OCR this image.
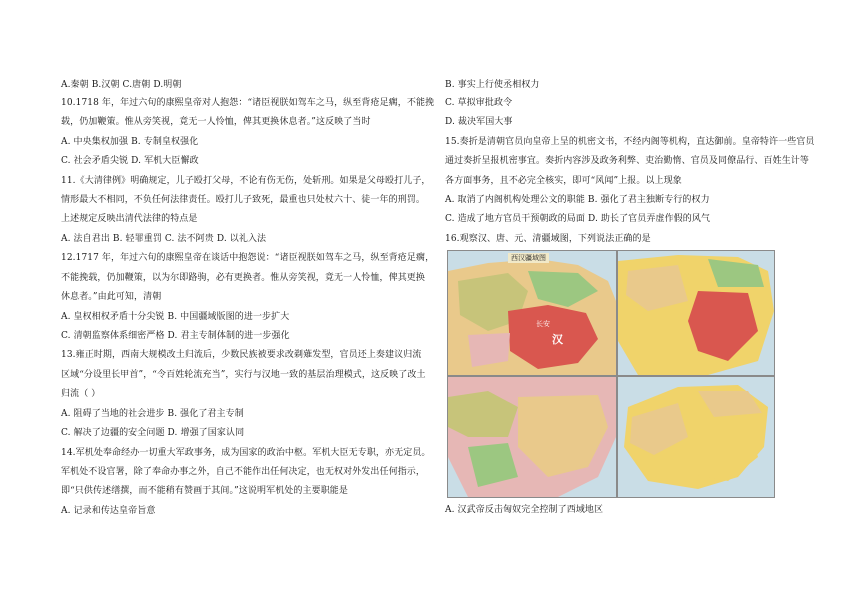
A.秦朝 B.汉朝 C.唐朝 D.明朝
10.1718 年，年过六旬的康熙皇帝对人抱怨：“诸臣视朕如驾车之马，纵至背疮足瘸，不能挽
载，仍加鞭策。惟从旁笑视，竟无一人怜恤，俾其更换休息者。”这反映了当时
A. 中央集权加强 B. 专制皇权强化
C. 社会矛盾尖锐 D. 军机大臣懈政
11.《大清律例》明确规定，儿子殴打父母，不论有伤无伤，处斩刑。如果是父母殴打儿子，
情形最大不相同，不负任何法律责任。殴打儿子致死，最重也只处杖六十、徒一年的刑罚。
上述规定反映出清代法律的特点是
A. 法自君出 B. 轻罪重罚 C. 法不阿贵 D. 以礼入法
12.1717 年，年过六旬的康熙皇帝在谈话中抱怨说：“诸臣视朕如驾车之马，纵至背疮足瘸，
不能挽载，仍加鞭策，以为尔即路驹，必有更换者。惟从旁笑视，竟无一人怜恤，俾其更换
休息者。”由此可知，清朝
A. 皇权相权矛盾十分尖锐 B. 中国疆域版图的进一步扩大
C. 清朝监察体系细密严格 D. 君主专制体制的进一步强化
13.雍正时期，西南大规模改土归流后，少数民族被要求改剃薙发型，官员还上奏建议归流
区域“分设里长甲首”，“令百姓轮流充当”，实行与汉地一致的基层治理模式，这反映了改土
归流（ ）
A. 阻碍了当地的社会进步 B. 强化了君主专制
C. 解决了边疆的安全问题 D. 增强了国家认同
14.军机处奉命经办一切重大军政事务，成为国家的政治中枢。军机大臣无专职，亦无定员。
军机处不设官署，除了奉命办事之外，自己不能作出任何决定，也无权对外发出任何指示，
即“只供传述缮撰，而不能稍有赞画于其间。”这说明军机处的主要职能是
A. 记录和传达皇帝旨意
B. 事实上行使丞相权力
C. 草拟审批政令
D. 裁决军国大事
15.奏折是清朝官员向皇帝上呈的机密文书，不经内阁等机构，直达御前。皇帝特许一些官员
通过奏折呈报机密事宜。奏折内容涉及政务利弊、吏治勤惰、官员及同僚品行、百姓生计等
各方面事务，且不必完全核实，即可“风闻”上报。以上现象
A. 取消了内阁机构处理公文的职能 B. 强化了君主独断专行的权力
C. 造成了地方官员干预朝政的局面 D. 助长了官员弄虚作假的风气
16.观察汉、唐、元、清疆域图，下列说法正确的是
西汉疆域图
汉
长安
A. 汉武帝反击匈奴完全控制了西域地区
